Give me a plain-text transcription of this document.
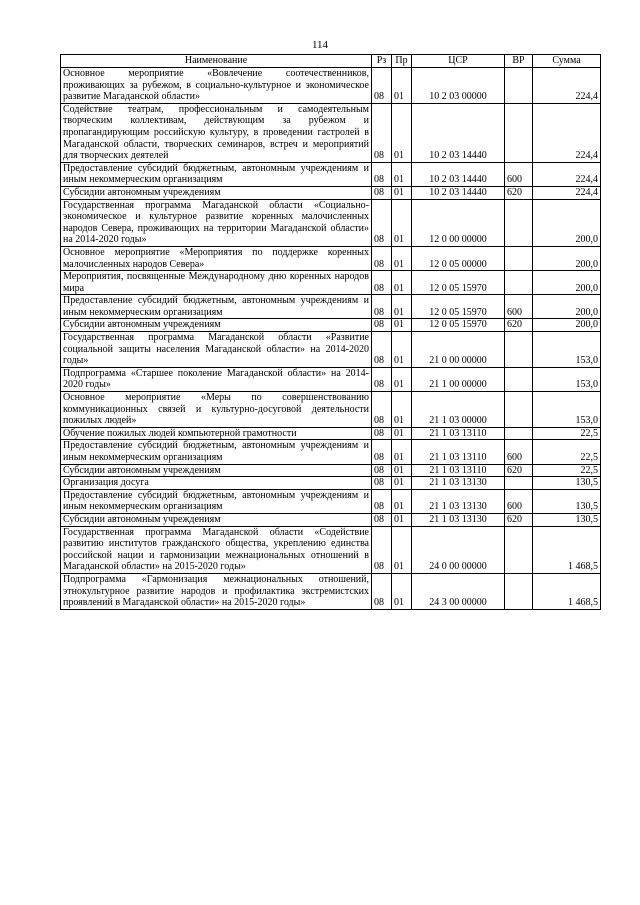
114
Наименование	Рз	Пр	ЦСР	ВР	Сумма
Основное мероприятие «Вовлечение соотечественников, проживающих за рубежом, в социально-культурное и экономическое развитие Магаданской области»	08	01	10 2 03 00000		224,4
Содействие театрам, профессиональным и самодеятельным творческим коллективам, действующим за рубежом и пропагандирующим российскую культуру, в проведении гастролей в Магаданской области, творческих семинаров, встреч и мероприятий для творческих деятелей	08	01	10 2 03 14440		224,4
Предоставление субсидий бюджетным, автономным учреждениям и иным некоммерческим организациям	08	01	10 2 03 14440	600	224,4
Субсидии автономным учреждениям	08	01	10 2 03 14440	620	224,4
Государственная программа Магаданской области «Социально-экономическое и культурное развитие коренных малочисленных народов Севера, проживающих на территории Магаданской области» на 2014-2020 годы»	08	01	12 0 00 00000		200,0
Основное мероприятие «Мероприятия по поддержке коренных малочисленных народов Севера»	08	01	12 0 05 00000		200,0
Мероприятия, посвященные Международному дню коренных народов мира	08	01	12 0 05 15970		200,0
Предоставление субсидий бюджетным, автономным учреждениям и иным некоммерческим организациям	08	01	12 0 05 15970	600	200,0
Субсидии автономным учреждениям	08	01	12 0 05 15970	620	200,0
Государственная программа Магаданской области «Развитие социальной защиты населения Магаданской области» на 2014-2020 годы»	08	01	21 0 00 00000		153,0
Подпрограмма «Старшее поколение Магаданской области» на 2014-2020 годы»	08	01	21 1 00 00000		153,0
Основное мероприятие «Меры по совершенствованию коммуникационных связей и культурно-досуговой деятельности пожилых людей»	08	01	21 1 03 00000		153,0
Обучение пожилых людей компьютерной грамотности	08	01	21 1 03 13110		22,5
Предоставление субсидий бюджетным, автономным учреждениям и иным некоммерческим организациям	08	01	21 1 03 13110	600	22,5
Субсидии автономным учреждениям	08	01	21 1 03 13110	620	22,5
Организация досуга	08	01	21 1 03 13130		130,5
Предоставление субсидий бюджетным, автономным учреждениям и иным некоммерческим организациям	08	01	21 1 03 13130	600	130,5
Субсидии автономным учреждениям	08	01	21 1 03 13130	620	130,5
Государственная программа Магаданской области «Содействие развитию институтов гражданского общества, укреплению единства российской нации и гармонизации межнациональных отношений в Магаданской области» на 2015-2020 годы»	08	01	24 0 00 00000		1 468,5
Подпрограмма «Гармонизация межнациональных отношений, этнокультурное развитие народов и профилактика экстремистских проявлений в Магаданской области» на 2015-2020 годы»	08	01	24 3 00 00000		1 468,5
